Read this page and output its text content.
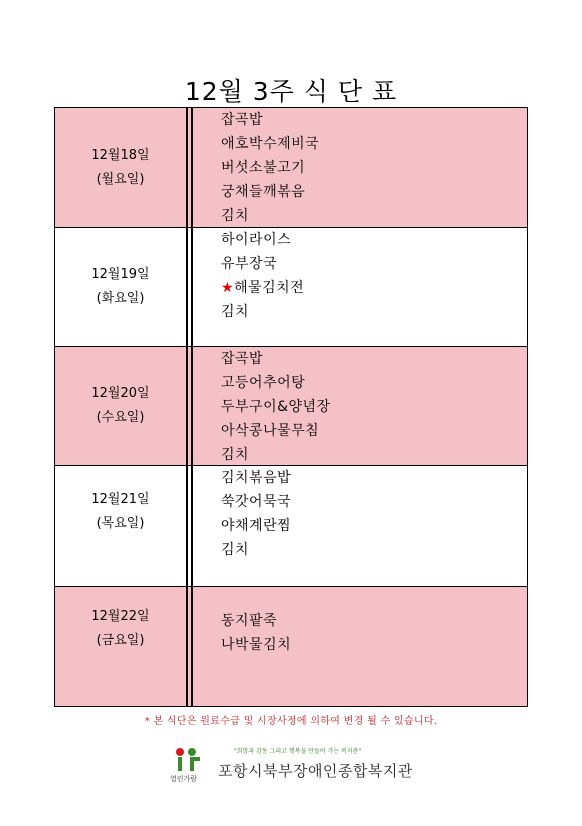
12월 3주 식 단 표
12월18일
(월요일)
잡곡밥
애호박수제비국
버섯소불고기
궁채들깨볶음
김치
12월19일
(화요일)
하이라이스
유부장국
★해물김치전
김치
12월20일
(수요일)
잡곡밥
고등어추어탕
두부구이&양념장
아삭콩나물무침
김치
12월21일
(목요일)
김치볶음밥
쑥갓어묵국
야채계란찜
김치
12월22일
(금요일)
동지팥죽
나박물김치
* 본 식단은 원료수급 및 시장사정에 의하여 변경 될 수 있습니다.
열린가람
"희망과 감동 그리고 행복을 만들어 가는 복지관"
포항시북부장애인종합복지관
